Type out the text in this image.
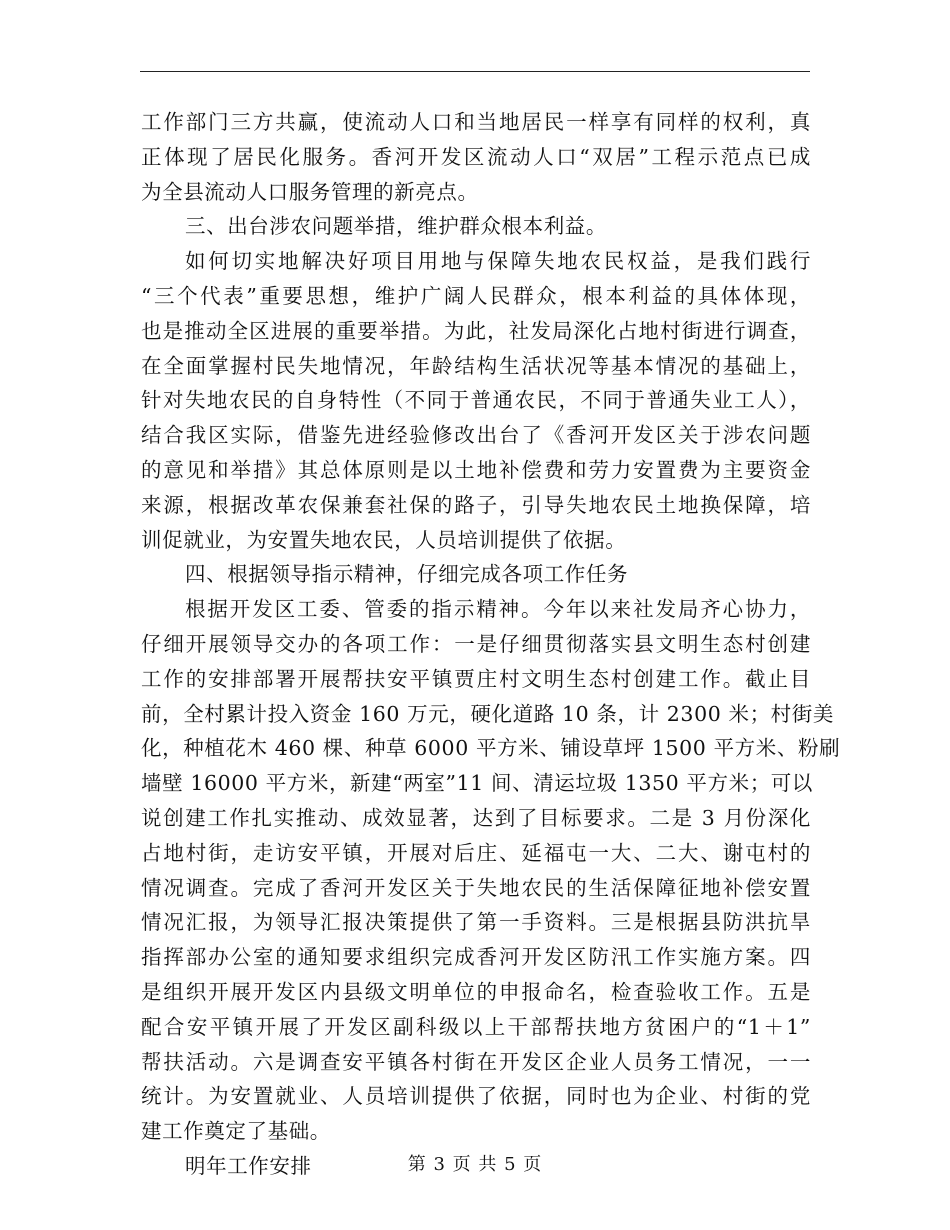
工作部门三方共赢，使流动人口和当地居民一样享有同样的权利，真
正体现了居民化服务。香河开发区流动人口“双居”工程示范点已成
为全县流动人口服务管理的新亮点。
三、出台涉农问题举措，维护群众根本利益。
如何切实地解决好项目用地与保障失地农民权益，是我们践行
“三个代表”重要思想，维护广阔人民群众，根本利益的具体体现，
也是推动全区进展的重要举措。为此，社发局深化占地村街进行调查，
在全面掌握村民失地情况，年龄结构生活状况等基本情况的基础上，
针对失地农民的自身特性（不同于普通农民，不同于普通失业工人），
结合我区实际，借鉴先进经验修改出台了《香河开发区关于涉农问题
的意见和举措》其总体原则是以土地补偿费和劳力安置费为主要资金
来源，根据改革农保兼套社保的路子，引导失地农民土地换保障，培
训促就业，为安置失地农民，人员培训提供了依据。
四、根据领导指示精神，仔细完成各项工作任务
根据开发区工委、管委的指示精神。今年以来社发局齐心协力，
仔细开展领导交办的各项工作：一是仔细贯彻落实县文明生态村创建
工作的安排部署开展帮扶安平镇贾庄村文明生态村创建工作。截止目
前，全村累计投入资金 160 万元，硬化道路 10 条，计 2300 米；村街美
化，种植花木 460 棵、种草 6000 平方米、铺设草坪 1500 平方米、粉刷
墙壁 16000 平方米，新建“两室”11 间、清运垃圾 1350 平方米；可以
说创建工作扎实推动、成效显著，达到了目标要求。二是 3 月份深化
占地村街，走访安平镇，开展对后庄、延福屯一大、二大、谢屯村的
情况调查。完成了香河开发区关于失地农民的生活保障征地补偿安置
情况汇报，为领导汇报决策提供了第一手资料。三是根据县防洪抗旱
指挥部办公室的通知要求组织完成香河开发区防汛工作实施方案。四
是组织开展开发区内县级文明单位的申报命名，检查验收工作。五是
配合安平镇开展了开发区副科级以上干部帮扶地方贫困户的“1＋1”
帮扶活动。六是调查安平镇各村街在开发区企业人员务工情况，一一
统计。为安置就业、人员培训提供了依据，同时也为企业、村街的党
建工作奠定了基础。
明年工作安排	第 3 页 共 5 页
